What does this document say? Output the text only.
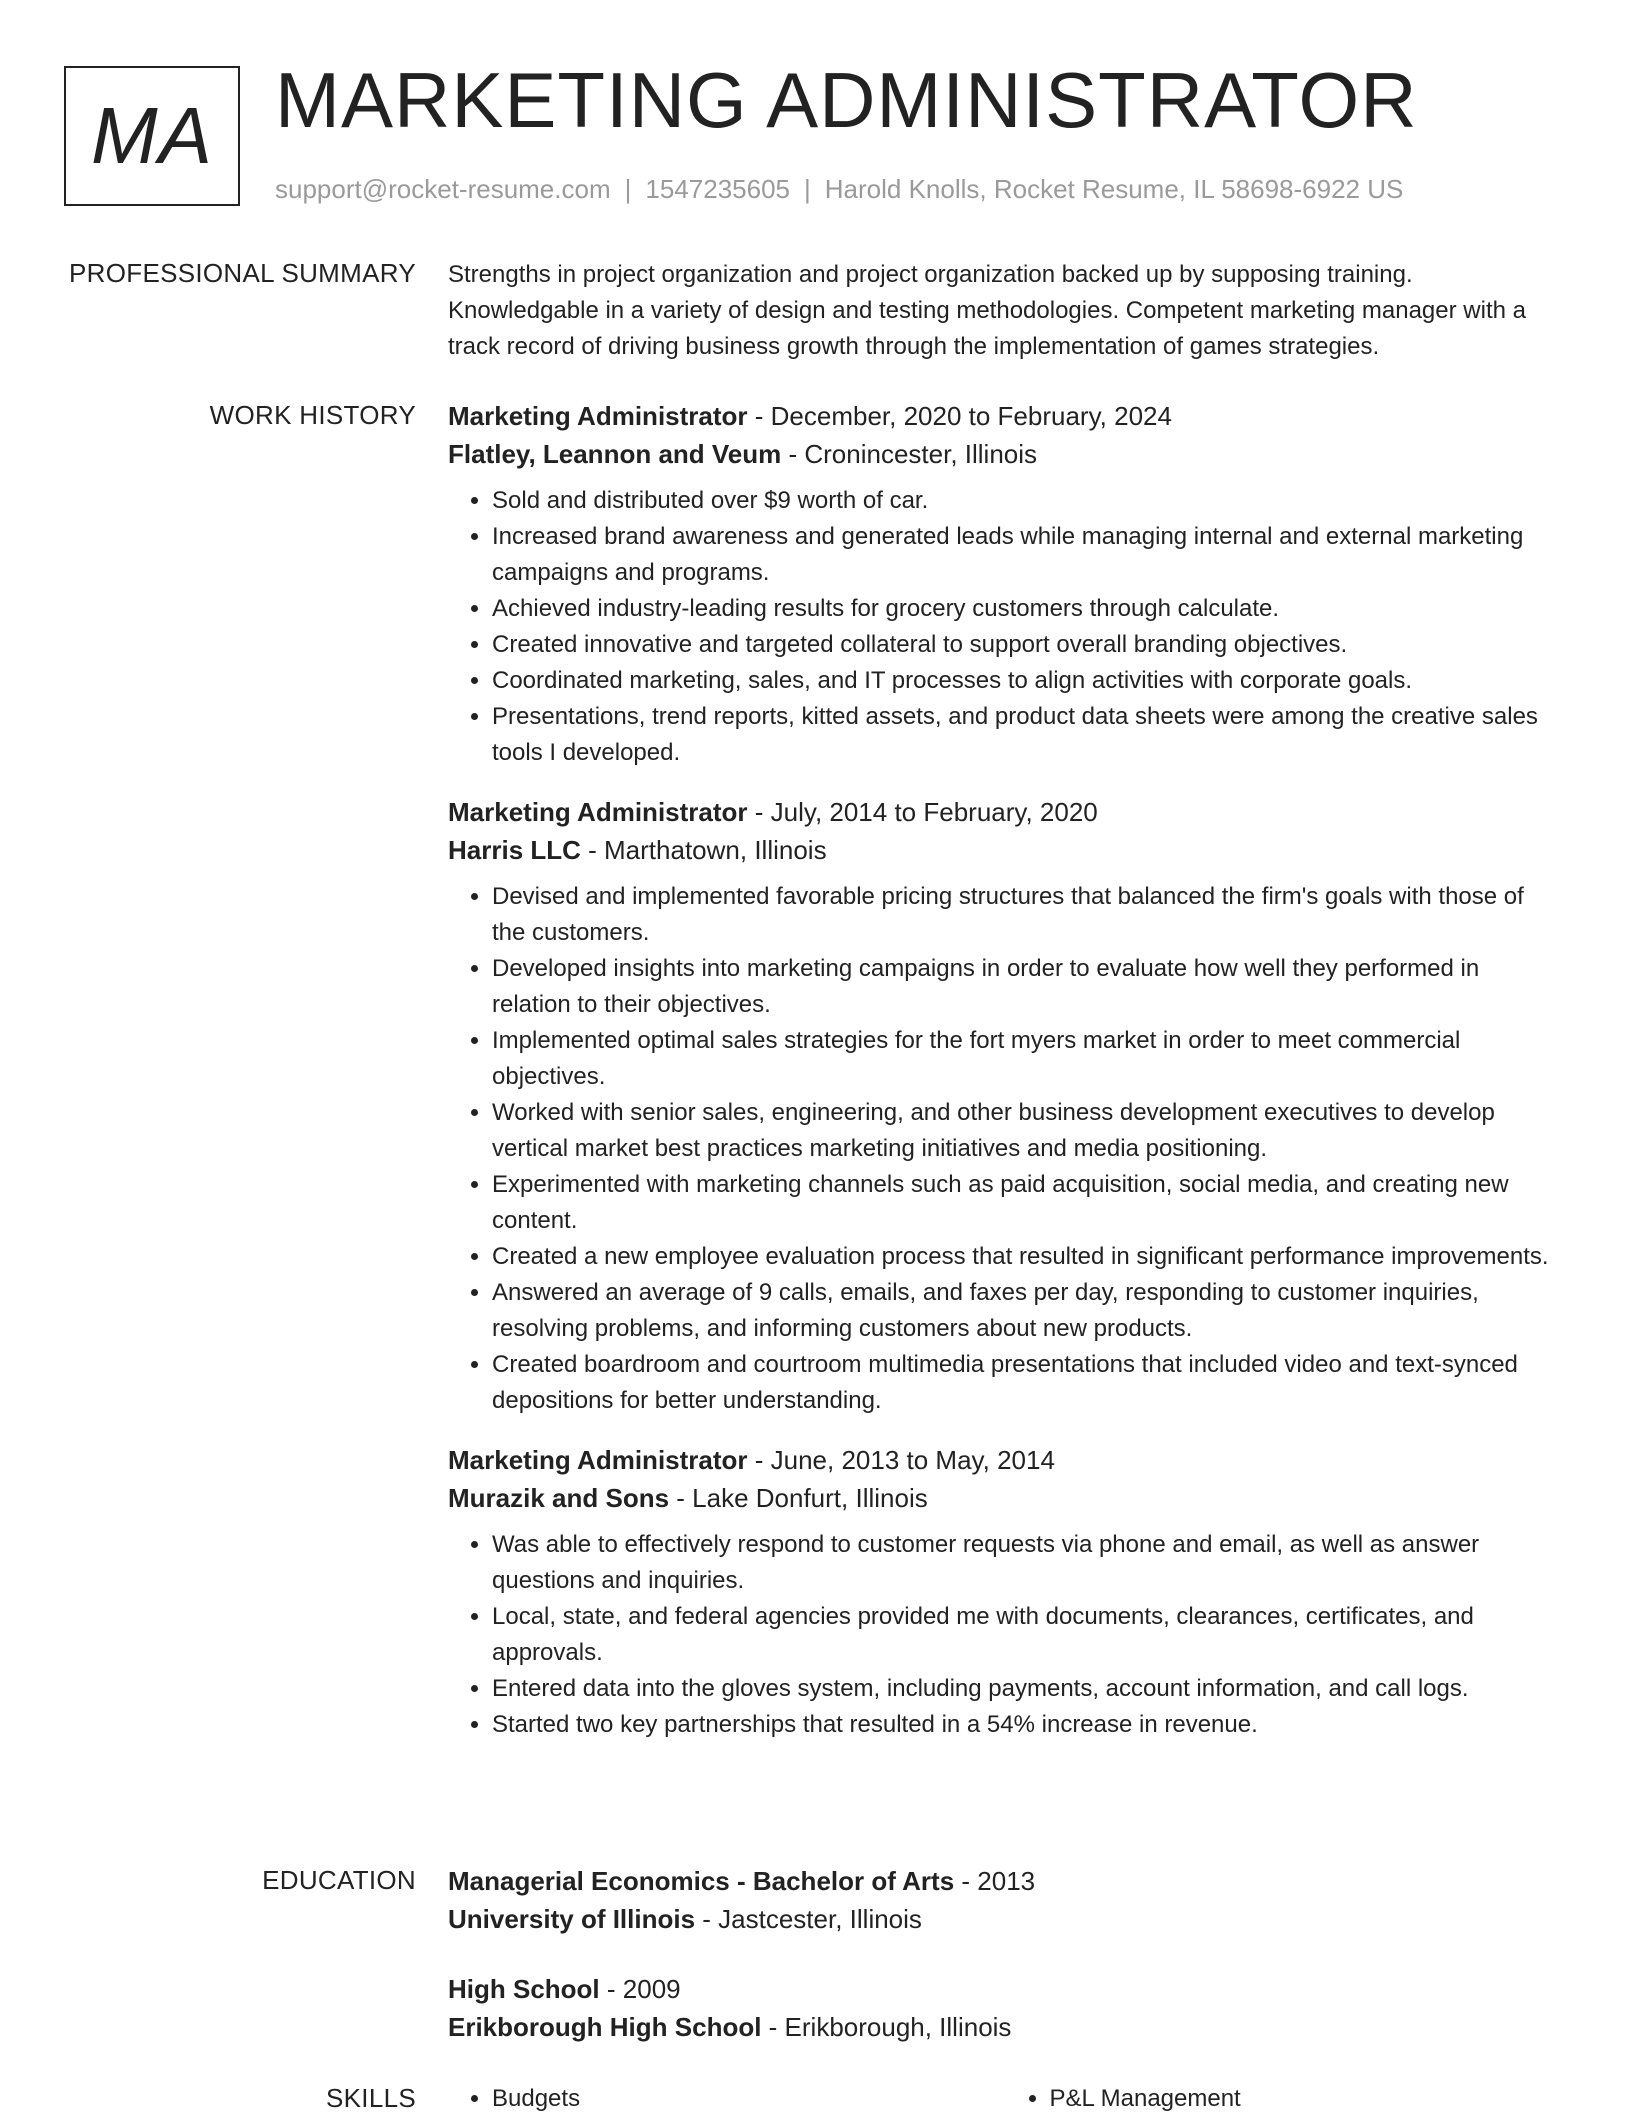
MA MARKETING ADMINISTRATOR
support@rocket-resume.com | 1547235605 | Harold Knolls, Rocket Resume, IL 58698-6922 US
PROFESSIONAL SUMMARY Strengths in project organization and project organization backed up by supposing training. Knowledgable in a variety of design and testing methodologies. Competent marketing manager with a track record of driving business growth through the implementation of games strategies.

WORK HISTORY Marketing Administrator - December, 2020 to February, 2024
Flatley, Leannon and Veum - Cronincester, Illinois
• Sold and distributed over $9 worth of car.
• Increased brand awareness and generated leads while managing internal and external marketing campaigns and programs.
• Achieved industry-leading results for grocery customers through calculate.
• Created innovative and targeted collateral to support overall branding objectives.
• Coordinated marketing, sales, and IT processes to align activities with corporate goals.
• Presentations, trend reports, kitted assets, and product data sheets were among the creative sales tools I developed.
Marketing Administrator - July, 2014 to February, 2020
Harris LLC - Marthatown, Illinois
• Devised and implemented favorable pricing structures that balanced the firm's goals with those of the customers.
• Developed insights into marketing campaigns in order to evaluate how well they performed in relation to their objectives.
• Implemented optimal sales strategies for the fort myers market in order to meet commercial objectives.
• Worked with senior sales, engineering, and other business development executives to develop vertical market best practices marketing initiatives and media positioning.
• Experimented with marketing channels such as paid acquisition, social media, and creating new content.
• Created a new employee evaluation process that resulted in significant performance improvements.
• Answered an average of 9 calls, emails, and faxes per day, responding to customer inquiries, resolving problems, and informing customers about new products.
• Created boardroom and courtroom multimedia presentations that included video and text-synced depositions for better understanding.
Marketing Administrator - June, 2013 to May, 2014
Murazik and Sons - Lake Donfurt, Illinois
• Was able to effectively respond to customer requests via phone and email, as well as answer questions and inquiries.
• Local, state, and federal agencies provided me with documents, clearances, certificates, and approvals.
• Entered data into the gloves system, including payments, account information, and call logs.
• Started two key partnerships that resulted in a 54% increase in revenue.
EDUCATION Managerial Economics - Bachelor of Arts - 2013
University of Illinois - Jastcester, Illinois
High School - 2009
Erikborough High School - Erikborough, Illinois
SKILLS	• Budgets	• P&L Management
